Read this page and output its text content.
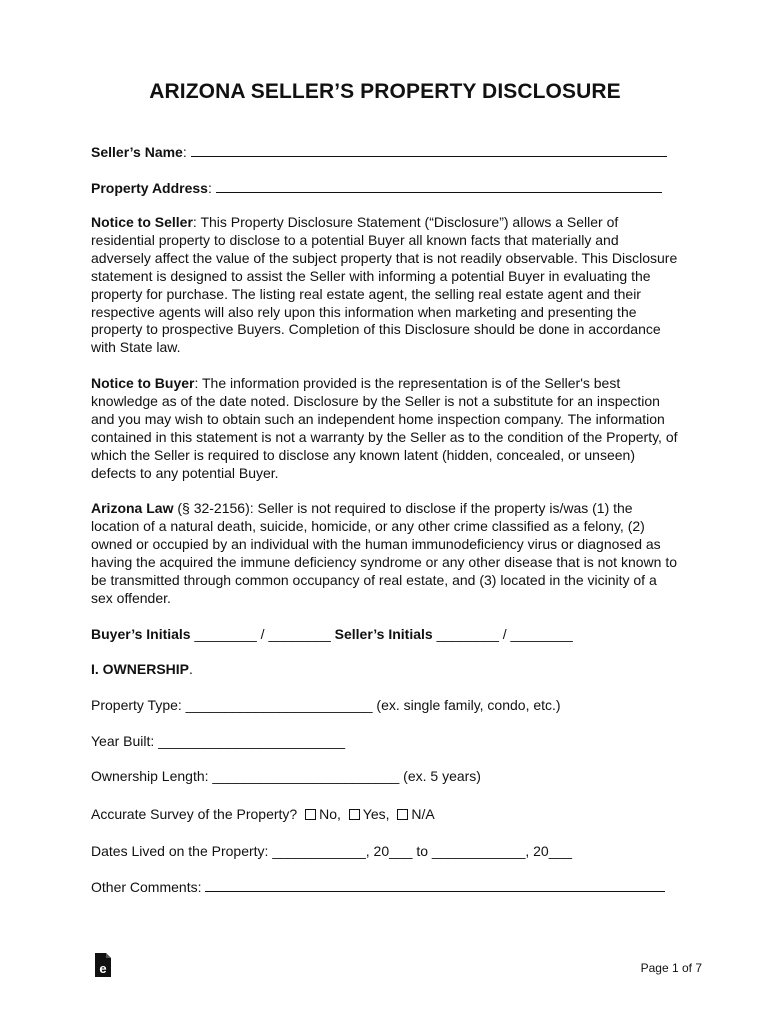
ARIZONA SELLER’S PROPERTY DISCLOSURE
Seller’s Name:
Property Address:
Notice to Seller: This Property Disclosure Statement (“Disclosure”) allows a Seller of residential property to disclose to a potential Buyer all known facts that materially and adversely affect the value of the subject property that is not readily observable. This Disclosure statement is designed to assist the Seller with informing a potential Buyer in evaluating the property for purchase. The listing real estate agent, the selling real estate agent and their respective agents will also rely upon this information when marketing and presenting the property to prospective Buyers. Completion of this Disclosure should be done in accordance with State law.
Notice to Buyer: The information provided is the representation is of the Seller's best knowledge as of the date noted. Disclosure by the Seller is not a substitute for an inspection and you may wish to obtain such an independent home inspection company. The information contained in this statement is not a warranty by the Seller as to the condition of the Property, of which the Seller is required to disclose any known latent (hidden, concealed, or unseen) defects to any potential Buyer.
Arizona Law (§ 32-2156): Seller is not required to disclose if the property is/was (1) the location of a natural death, suicide, homicide, or any other crime classified as a felony, (2) owned or occupied by an individual with the human immunodeficiency virus or diagnosed as having the acquired the immune deficiency syndrome or any other disease that is not known to be transmitted through common occupancy of real estate, and (3) located in the vicinity of a sex offender.
Buyer’s Initials ________ / ________ Seller’s Initials ________ / ________
I. OWNERSHIP.
Property Type: ________________________ (ex. single family, condo, etc.)
Year Built: ________________________
Ownership Length: ________________________ (ex. 5 years)
Accurate Survey of the Property? No, Yes, N/A
Dates Lived on the Property: ____________, 20___ to ____________, 20___
Other Comments:
e	Page 1 of 7
